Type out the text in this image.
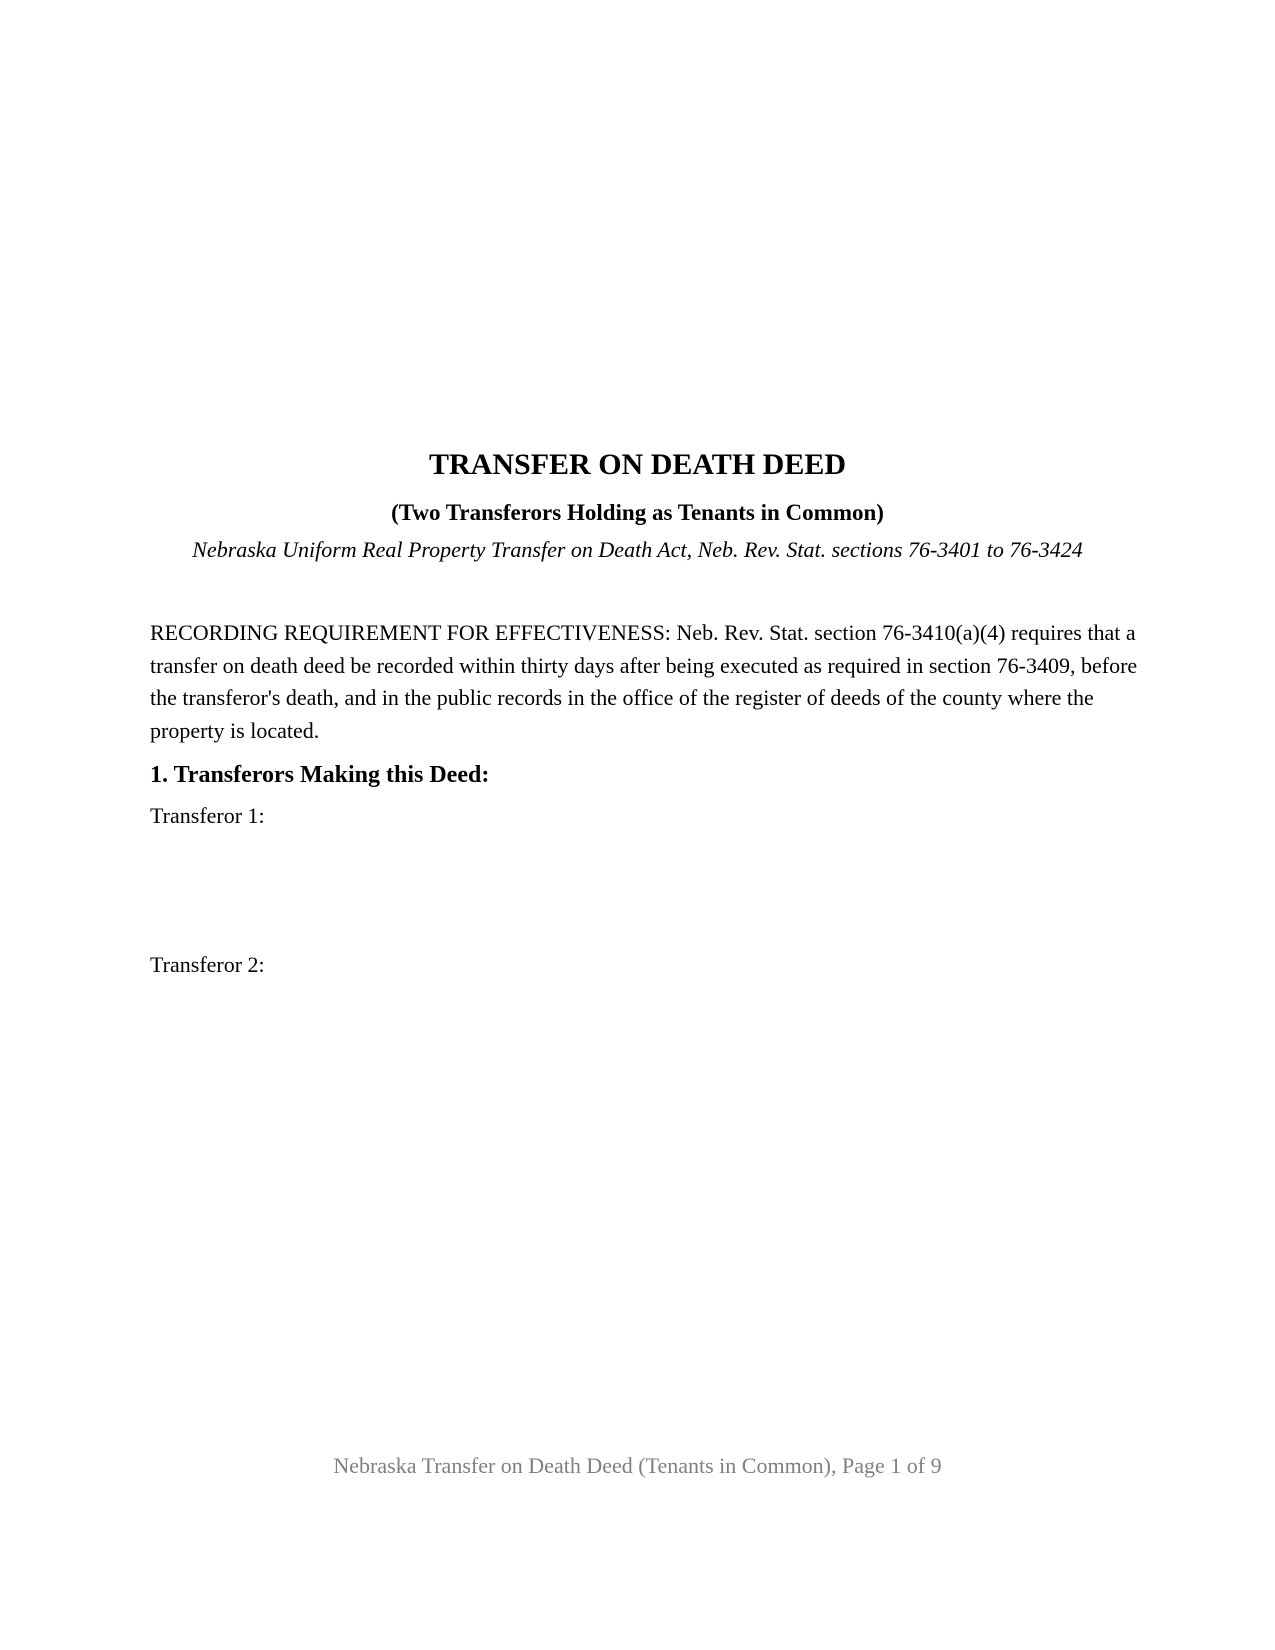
TRANSFER ON DEATH DEED
(Two Transferors Holding as Tenants in Common)

Nebraska Uniform Real Property Transfer on Death Act, Neb. Rev. Stat. sections 76-3401 to 76-3424

RECORDING REQUIREMENT FOR EFFECTIVENESS: Neb. Rev. Stat. section 76-3410(a)(4) requires that a transfer on death deed be recorded within thirty days after being executed as required in section 76-3409, before the transferor's death, and in the public records in the office of the register of deeds of the county where the property is located.

1. Transferors Making this Deed:

Transferor 1:

Transferor 2:

Nebraska Transfer on Death Deed (Tenants in Common), Page 1 of 9
